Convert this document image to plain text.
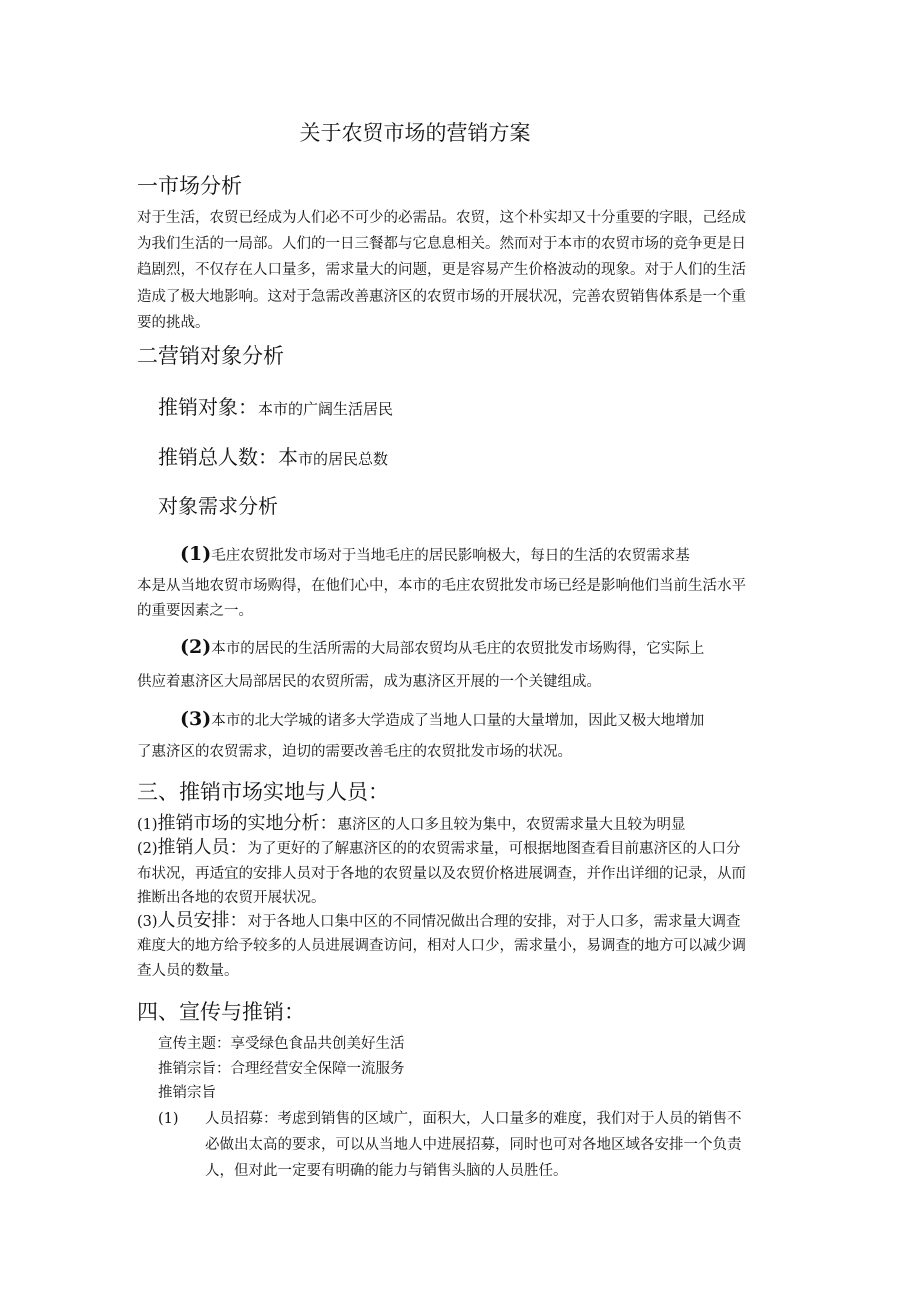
关于农贸市场的营销方案
一市场分析
对于生活，农贸已经成为人们必不可少的必需品。农贸，这个朴实却又十分重要的字眼，己经成
为我们生活的一局部。人们的一日三餐都与它息息相关。然而对于本市的农贸市场的竞争更是日
趋剧烈，不仅存在人口量多，需求量大的问题，更是容易产生价格波动的现象。对于人们的生活
造成了极大地影响。这对于急需改善惠济区的农贸市场的开展状况，完善农贸销售体系是一个重
要的挑战。
二营销对象分析
推销对象：本市的广阔生活居民
推销总人数：本市的居民总数
对象需求分析
(1)毛庄农贸批发市场对于当地毛庄的居民影响极大，每日的生活的农贸需求基
本是从当地农贸市场购得，在他们心中，本市的毛庄农贸批发市场已经是影响他们当前生活水平
的重要因素之一。
(2)本市的居民的生活所需的大局部农贸均从毛庄的农贸批发市场购得，它实际上
供应着惠济区大局部居民的农贸所需，成为惠济区开展的一个关键组成。
(3)本市的北大学城的诸多大学造成了当地人口量的大量增加，因此又极大地增加
了惠济区的农贸需求，迫切的需要改善毛庄的农贸批发市场的状况。
三、推销市场实地与人员：
(1)推销市场的实地分析：惠济区的人口多且较为集中，农贸需求量大且较为明显
(2)推销人员：为了更好的了解惠济区的的农贸需求量，可根据地图查看目前惠济区的人口分
布状况，再适宜的安排人员对于各地的农贸量以及农贸价格进展调查，并作出详细的记录，从而
推断出各地的农贸开展状况。
(3)人员安排：对于各地人口集中区的不同情况做出合理的安排，对于人口多，需求量大调查
难度大的地方给予较多的人员进展调查访问，相对人口少，需求量小，易调查的地方可以减少调
查人员的数量。
四、宣传与推销：
宣传主题：享受绿色食品共创美好生活
推销宗旨：合理经营安全保障一流服务
推销宗旨
(1) 人员招募：考虑到销售的区域广，面积大，人口量多的难度，我们对于人员的销售不
必做出太高的要求，可以从当地人中进展招募，同时也可对各地区域各安排一个负责
人，但对此一定要有明确的能力与销售头脑的人员胜任。
